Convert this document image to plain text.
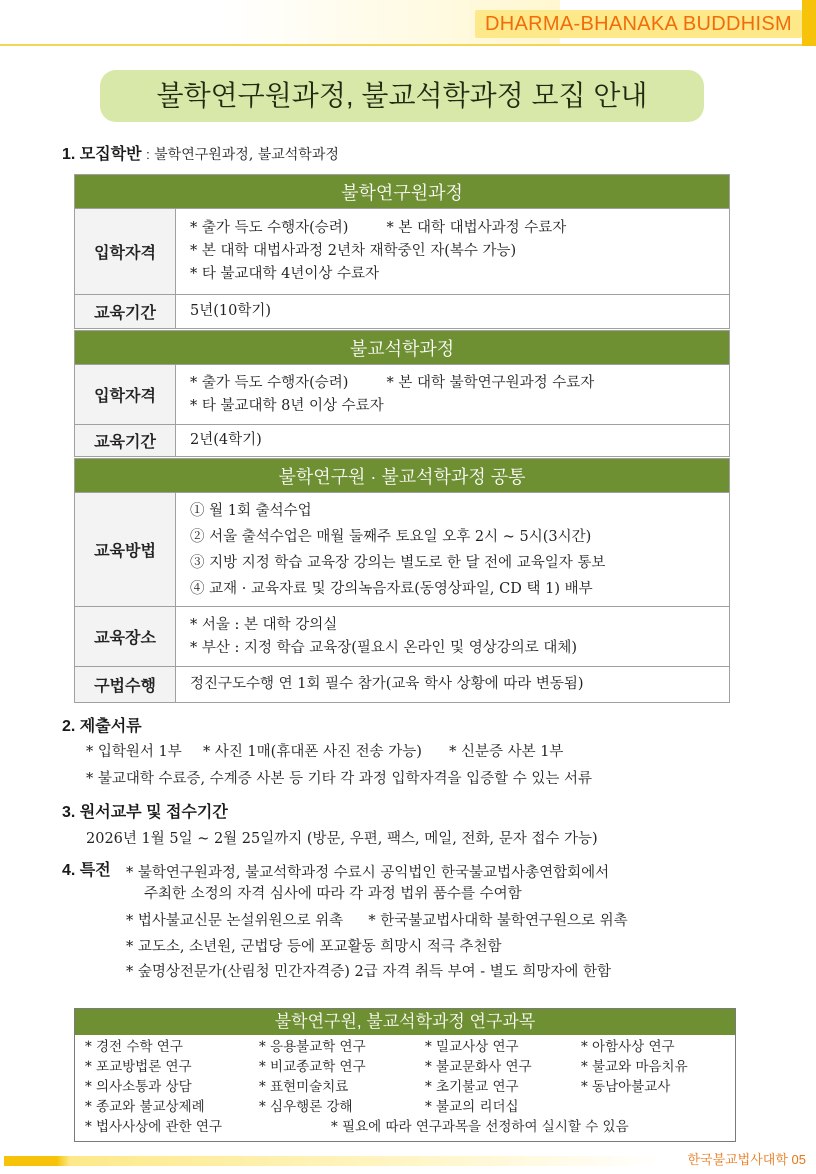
DHARMA-BHANAKA BUDDHISM
불학연구원과정, 불교석학과정 모집 안내
1. 모집학반 : 불학연구원과정, 불교석학과정
불학연구원과정	
입학자격	* 출가 득도 수행자(승려) * 본 대학 대법사과정 수료자
* 본 대학 대법사과정 2년차 재학중인 자(복수 가능)
* 타 불교대학 4년이상 수료자

교육기간	5년(10학기)
불교석학과정	
입학자격	* 출가 득도 수행자(승려) * 본 대학 불학연구원과정 수료자
* 타 불교대학 8년 이상 수료자

교육기간	2년(4학기)
불학연구원 · 불교석학과정 공통	
교육방법	① 월 1회 출석수업
② 서울 출석수업은 매월 둘째주 토요일 오후 2시 ~ 5시(3시간)
③ 지방 지정 학습 교육장 강의는 별도로 한 달 전에 교육일자 통보
④ 교재 · 교육자료 및 강의녹음자료(동영상파일, CD 택 1) 배부

교육장소	* 서울 : 본 대학 강의실
* 부산 : 지정 학습 교육장(필요시 온라인 및 영상강의로 대체)

구법수행	정진구도수행 연 1회 필수 참가(교육 학사 상황에 따라 변동됨)
2. 제출서류
* 입학원서 1부 * 사진 1매(휴대폰 사진 전송 가능) * 신분증 사본 1부
* 불교대학 수료증, 수계증 사본 등 기타 각 과정 입학자격을 입증할 수 있는 서류
3. 원서교부 및 접수기간
2026년 1월 5일 ~ 2월 25일까지 (방문, 우편, 팩스, 메일, 전화, 문자 접수 가능)
4. 특전 * 불학연구원과정, 불교석학과정 수료시 공익법인 한국불교법사총연합회에서
주최한 소정의 자격 심사에 따라 각 과정 법위 품수를 수여함
* 법사불교신문 논설위원으로 위촉 * 한국불교법사대학 불학연구원으로 위촉
* 교도소, 소년원, 군법당 등에 포교활동 희망시 적극 추천함
* 숲명상전문가(산림청 민간자격증) 2급 자격 취득 부여 - 별도 희망자에 한함
불학연구원, 불교석학과정 연구과목
* 경전 수학 연구	* 응용불교학 연구	* 밀교사상 연구	* 아함사상 연구
* 포교방법론 연구	* 비교종교학 연구	* 불교문화사 연구	* 불교와 마음치유
* 의사소통과 상담	* 표현미술치료	* 초기불교 연구	* 동남아불교사
* 종교와 불교상제례	* 심우행론 강해	* 불교의 리더십
* 법사사상에 관한 연구	* 필요에 따라 연구과목을 선정하여 실시할 수 있음
한국불교법사대학 05
